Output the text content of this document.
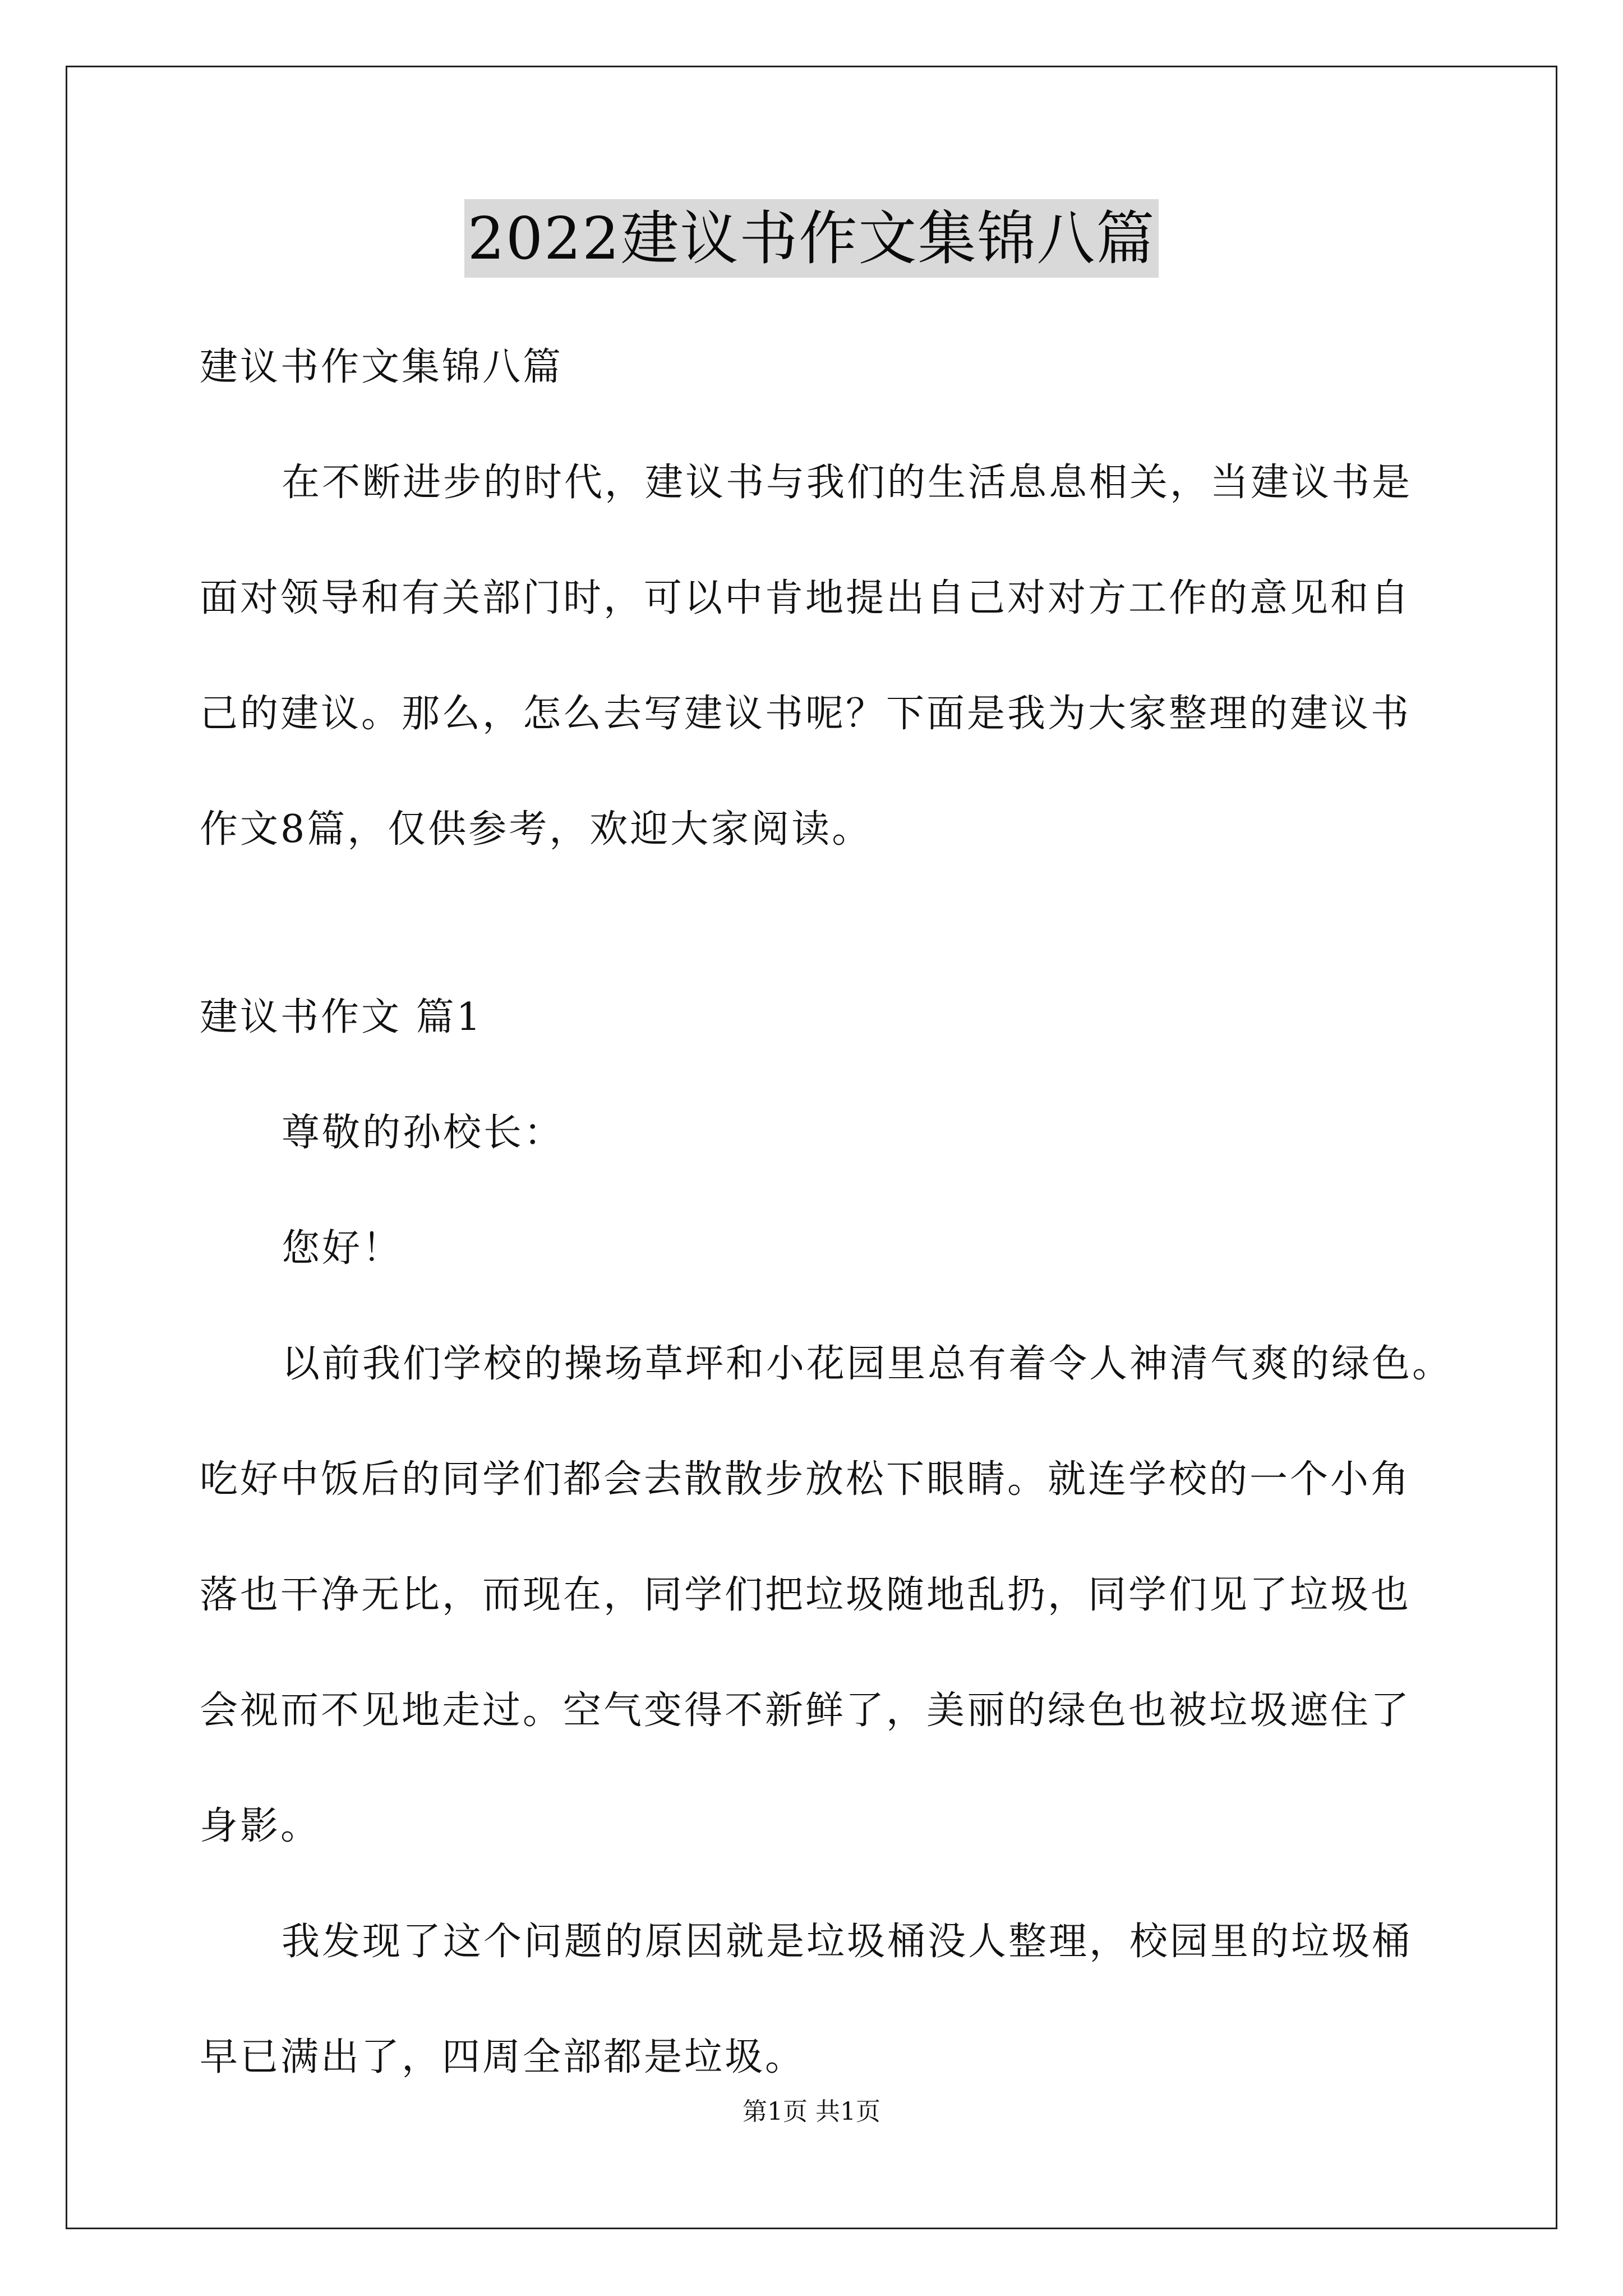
2022建议书作文集锦八篇
建议书作文集锦八篇
在不断进步的时代，建议书与我们的生活息息相关，当建议书是
面对领导和有关部门时，可以中肯地提出自己对对方工作的意见和自
己的建议。那么，怎么去写建议书呢？下面是我为大家整理的建议书
作文8篇，仅供参考，欢迎大家阅读。
建议书作文 篇1
尊敬的孙校长：
您好！
以前我们学校的操场草坪和小花园里总有着令人神清气爽的绿色。
吃好中饭后的同学们都会去散散步放松下眼睛。就连学校的一个小角
落也干净无比，而现在，同学们把垃圾随地乱扔，同学们见了垃圾也
会视而不见地走过。空气变得不新鲜了，美丽的绿色也被垃圾遮住了
身影。
我发现了这个问题的原因就是垃圾桶没人整理，校园里的垃圾桶
早已满出了，四周全部都是垃圾。
第1页 共1页
